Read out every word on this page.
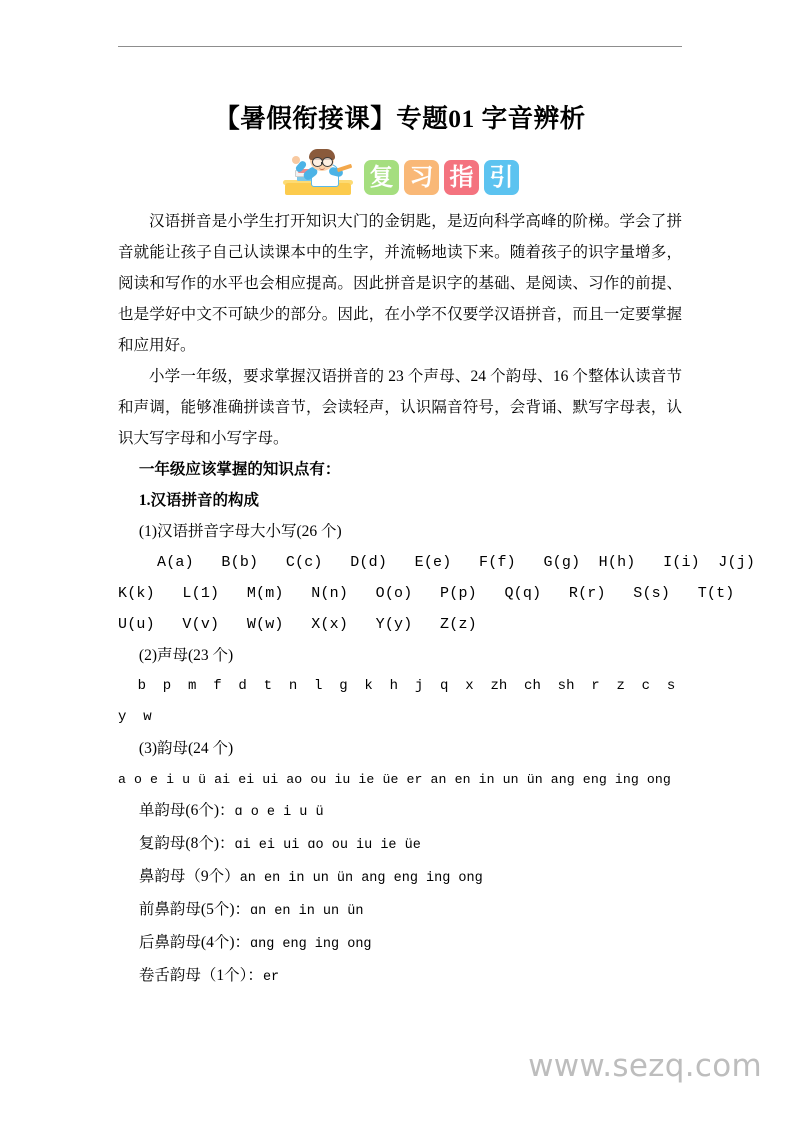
【暑假衔接课】专题01 字音辨析
复 习 指 引

汉语拼音是小学生打开知识大门的金钥匙，是迈向科学高峰的阶梯。学会了拼音就能让孩子自己认读课本中的生字，并流畅地读下来。随着孩子的识字量增多，阅读和写作的水平也会相应提高。因此拼音是识字的基础、是阅读、习作的前提、也是学好中文不可缺少的部分。因此，在小学不仅要学汉语拼音，而且一定要掌握和应用好。

小学一年级，要求掌握汉语拼音的 23 个声母、24 个韵母、16 个整体认读音节和声调，能够准确拼读音节，会读轻声，认识隔音符号，会背诵、默写字母表，认识大写字母和小写字母。

一年级应该掌握的知识点有：
1.汉语拼音的构成
(1)汉语拼音字母大小写(26 个)
A(a)   B(b)   C(c)   D(d)   E(e)   F(f)   G(g)  H(h)   I(i)  J(j)
K(k)   L(1)   M(m)   N(n)   O(o)   P(p)   Q(q)   R(r)   S(s)   T(t)
U(u)   V(v)   W(w)   X(x)   Y(y)   Z(z)
(2)声母(23 个)
b  p  m  f  d  t  n  l  g  k  h  j  q  x  zh  ch  sh  r  z  c  s
y  w
(3)韵母(24 个)
a o e i u ü ai ei ui ao ou iu ie üe er an en in un ün ang eng ing ong
单韵母(6个)：ɑ o e i u ü
复韵母(8个)：ɑi ei ui ɑo ou iu ie üe
鼻韵母（9个）an en in un ün ang eng ing ong
前鼻韵母(5个)：ɑn en in un ün
后鼻韵母(4个)：ɑng eng ing ong
卷舌韵母（1个）：er
www.sezq.com
